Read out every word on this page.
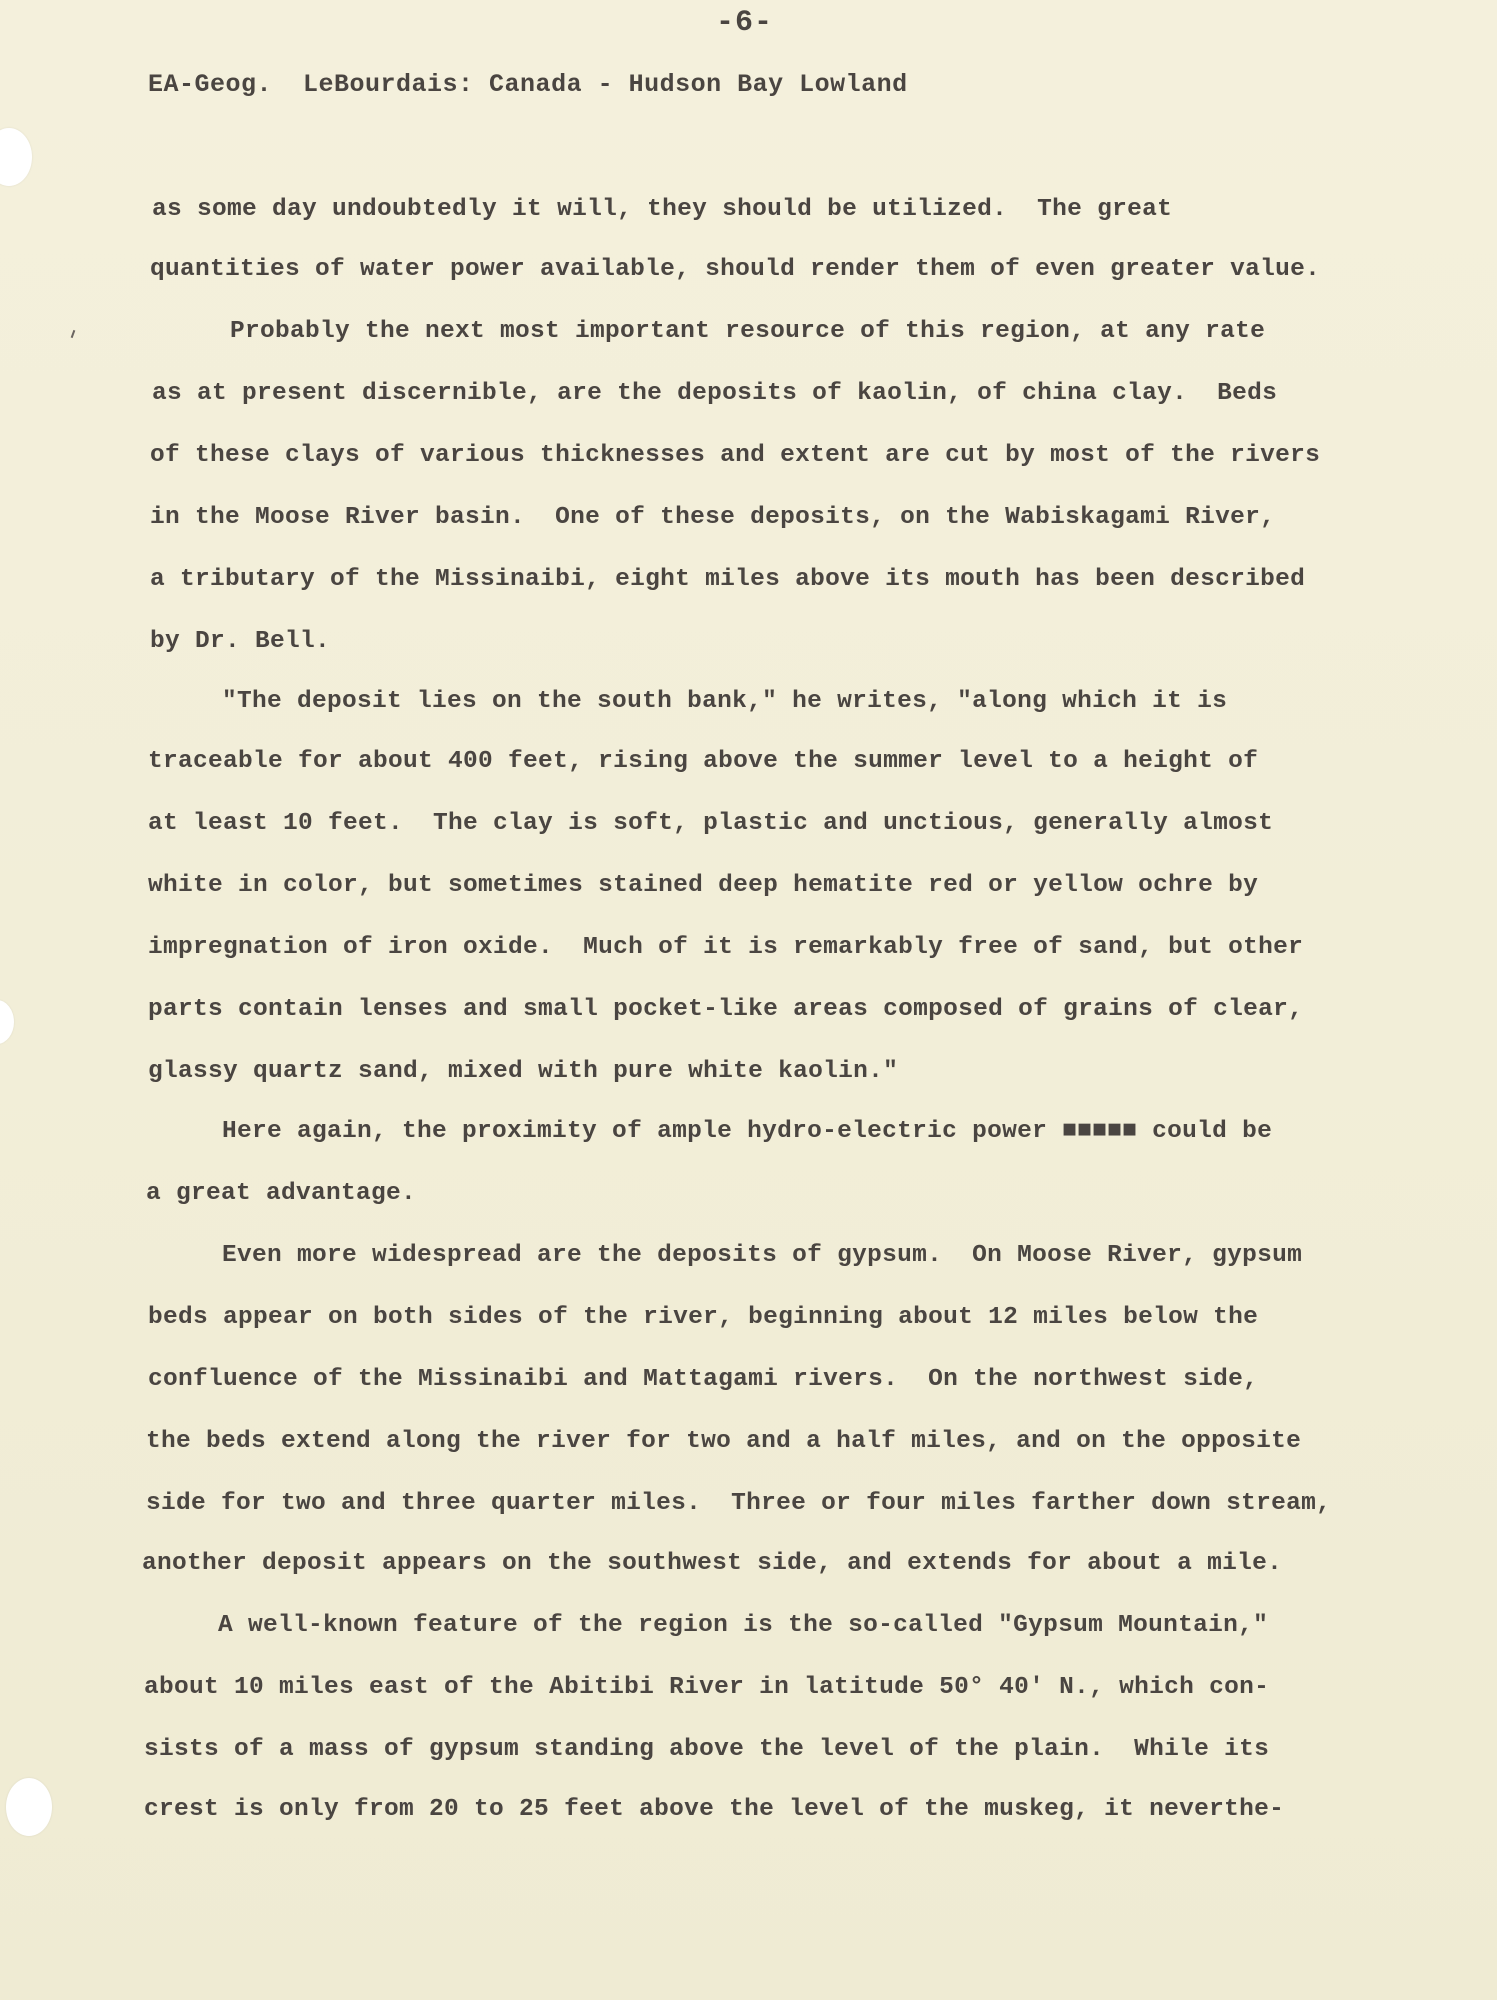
-6-
EA-Geog.  LeBourdais: Canada - Hudson Bay Lowland
as some day undoubtedly it will, they should be utilized.  The great
quantities of water power available, should render them of even greater value.
Probably the next most important resource of this region, at any rate
as at present discernible, are the deposits of kaolin, of china clay.  Beds
of these clays of various thicknesses and extent are cut by most of the rivers
in the Moose River basin.  One of these deposits, on the Wabiskagami River,
a tributary of the Missinaibi, eight miles above its mouth has been described
by Dr. Bell.
"The deposit lies on the south bank," he writes, "along which it is
traceable for about 400 feet, rising above the summer level to a height of
at least 10 feet.  The clay is soft, plastic and unctious, generally almost
white in color, but sometimes stained deep hematite red or yellow ochre by
impregnation of iron oxide.  Much of it is remarkably free of sand, but other
parts contain lenses and small pocket-like areas composed of grains of clear,
glassy quartz sand, mixed with pure white kaolin."
Here again, the proximity of ample hydro-electric power ■■■■■ could be
a great advantage.
Even more widespread are the deposits of gypsum.  On Moose River, gypsum
beds appear on both sides of the river, beginning about 12 miles below the
confluence of the Missinaibi and Mattagami rivers.  On the northwest side,
the beds extend along the river for two and a half miles, and on the opposite
side for two and three quarter miles.  Three or four miles farther down stream,
another deposit appears on the southwest side, and extends for about a mile.
A well-known feature of the region is the so-called "Gypsum Mountain,"
about 10 miles east of the Abitibi River in latitude 50° 40' N., which con-
sists of a mass of gypsum standing above the level of the plain.  While its
crest is only from 20 to 25 feet above the level of the muskeg, it neverthe-
